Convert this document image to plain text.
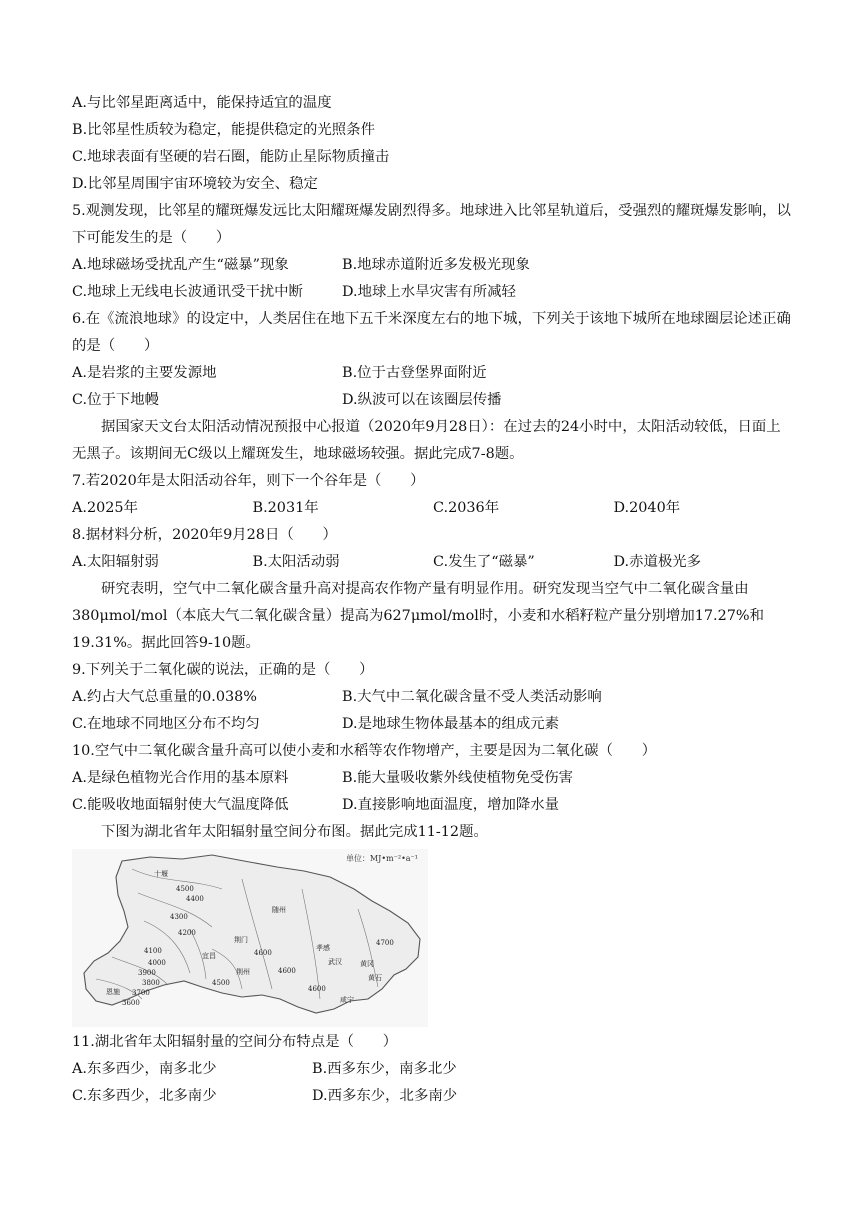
A.与比邻星距离适中，能保持适宜的温度
B.比邻星性质较为稳定，能提供稳定的光照条件
C.地球表面有坚硬的岩石圈，能防止星际物质撞击
D.比邻星周围宇宙环境较为安全、稳定
5.观测发现，比邻星的耀斑爆发远比太阳耀斑爆发剧烈得多。地球进入比邻星轨道后，受强烈的耀斑爆发影响，以下可能发生的是（　　）
A.地球磁场受扰乱产生“磁暴”现象	B.地球赤道附近多发极光现象
C.地球上无线电长波通讯受干扰中断	D.地球上水旱灾害有所减轻
6.在《流浪地球》的设定中，人类居住在地下五千米深度左右的地下城，下列关于该地下城所在地球圈层论述正确的是（　　）
A.是岩浆的主要发源地	B.位于古登堡界面附近
C.位于下地幔	D.纵波可以在该圈层传播
据国家天文台太阳活动情况预报中心报道（2020年9月28日）：在过去的24小时中，太阳活动较低，日面上无黑子。该期间无C级以上耀斑发生，地球磁场较强。据此完成7-8题。
7.若2020年是太阳活动谷年，则下一个谷年是（　　）
A.2025年	B.2031年	C.2036年	D.2040年
8.据材料分析，2020年9月28日（　　）
A.太阳辐射弱	B.太阳活动弱	C.发生了“磁暴”	D.赤道极光多
研究表明，空气中二氧化碳含量升高对提高农作物产量有明显作用。研究发现当空气中二氧化碳含量由380μmol/mol（本底大气二氧化碳含量）提高为627μmol/mol时，小麦和水稻籽粒产量分别增加17.27%和19.31%。据此回答9-10题。
9.下列关于二氧化碳的说法，正确的是（　　）
A.约占大气总重量的0.038%	B.大气中二氧化碳含量不受人类活动影响
C.在地球不同地区分布不均匀	D.是地球生物体最基本的组成元素
10.空气中二氧化碳含量升高可以使小麦和水稻等农作物增产，主要是因为二氧化碳（　　）
A.是绿色植物光合作用的基本原料	B.能大量吸收紫外线使植物免受伤害
C.能吸收地面辐射使大气温度降低	D.直接影响地面温度，增加降水量
下图为湖北省年太阳辐射量空间分布图。据此完成11-12题。
单位：MJ•m⁻²•a⁻¹
十堰
随州
荆门
孝感
武汉	黄冈
宜昌
荆州
恩施
黄石
咸宁
4500
4400
4300
4200
4100
4000
3900
3800
3700
3600
4600
4500
4700
4600
4600
11.湖北省年太阳辐射量的空间分布特点是（　　）
A.东多西少，南多北少	B.西多东少，南多北少
C.东多西少，北多南少	D.西多东少，北多南少
